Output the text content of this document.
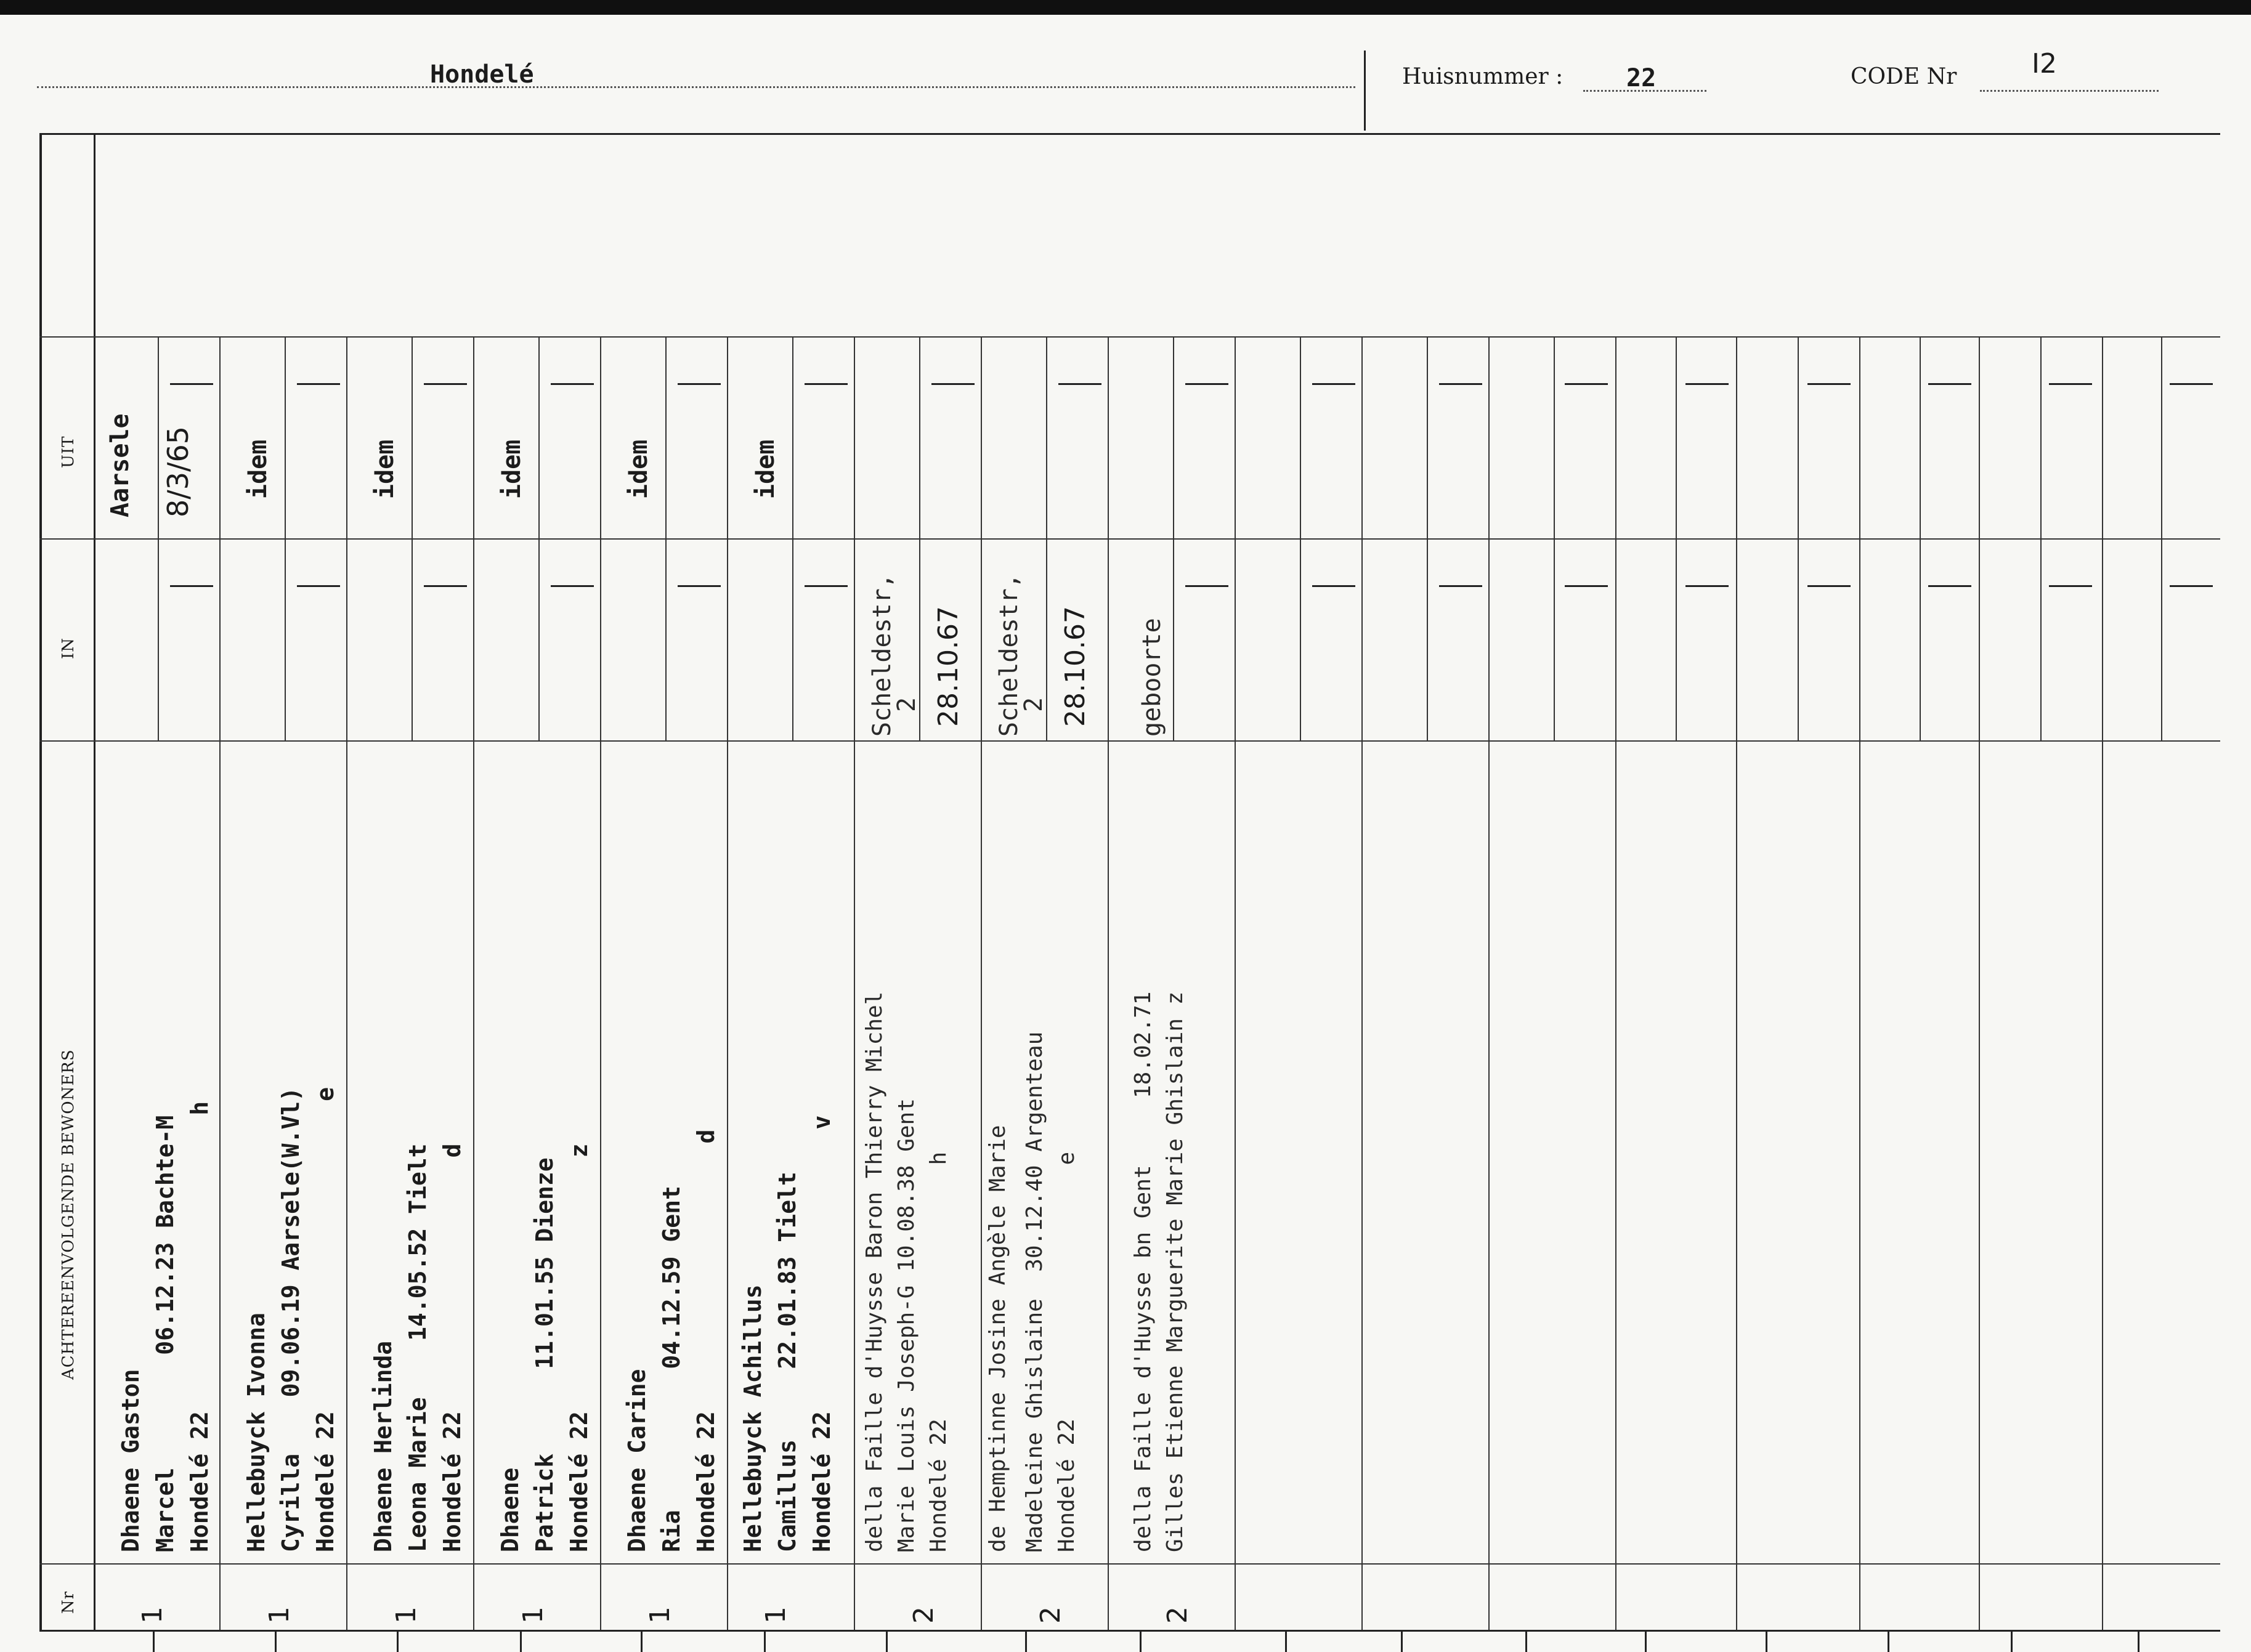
Hondelé	Huisnummer :	22	CODE Nr	I2
UIT
IN
ACHTEREENVOLGENDE BEWONERS
Nr
Aarsele 8/3/65
Dhaene Gaston Marcel        06.12.23 Bachte-M Hondelé 22                     h
1
idem
Hellebuyck Ivonna Cyrilla    09.06.19 Aarsele(W.Vl) Hondelé 22                      e
1
idem
Dhaene Herlinda Leona Marie    14.05.52 Tielt Hondelé 22                  d
1
idem
Dhaene Patrick      11.01.55 Dienze Hondelé 22                  z
1
idem
Dhaene Carine Ria          04.12.59 Gent Hondelé 22                   d
1
idem
Hellebuyck Achillus Camillus     22.01.83 Tielt Hondelé 22                    v
1
Scheldestr,
2 28.10.67
della Faille d'Huysse Baron Thierry Michel Marie Louis Joseph-G 10.08.38 Gent Hondelé 22                   h
2
Scheldestr,
2 28.10.67
de Hemptinne Josine Angèle Marie Madeleine Ghislaine  30.12.40 Argenteau Hondelé 22                   e
2
geboorte
della Faille d'Huysse bn Gent     18.02.71 Gilles Etienne Marguerite Marie Ghislain z
2
